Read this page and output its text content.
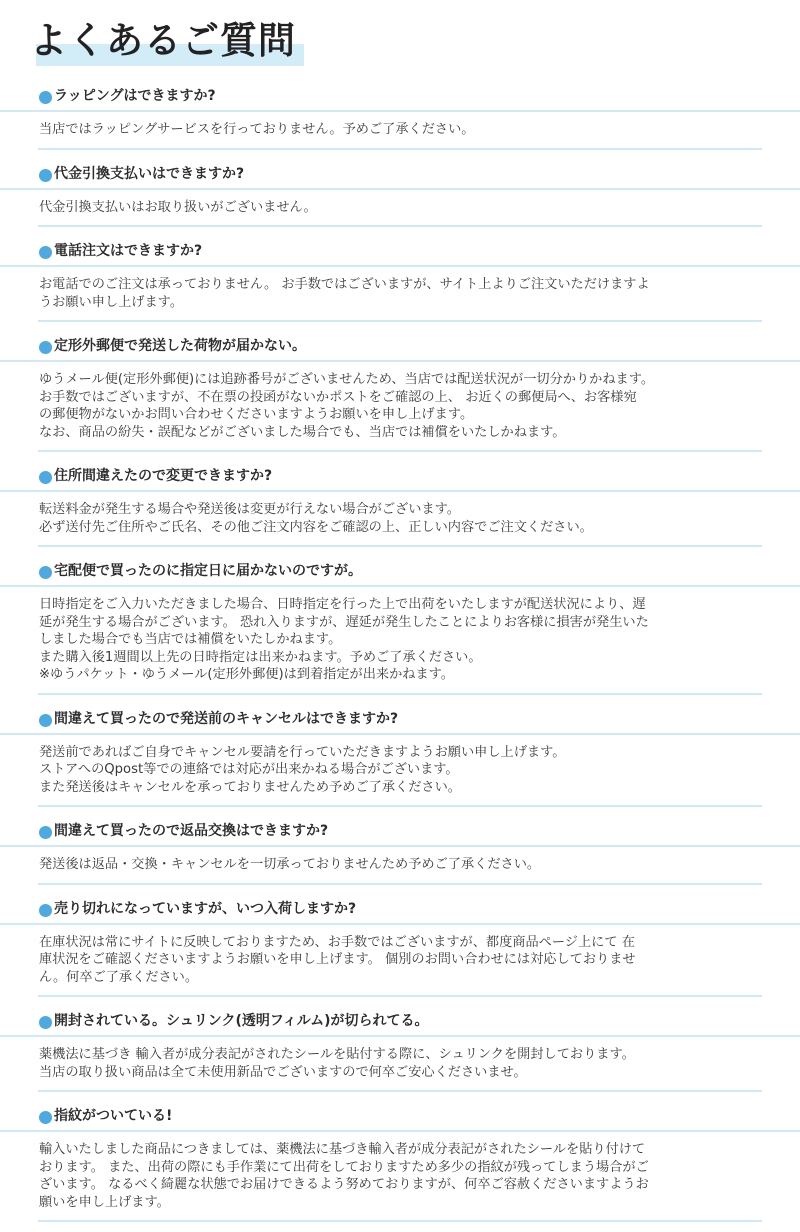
よくあるご質問
ラッピングはできますか?
当店ではラッピングサービスを行っておりません。予めご了承ください。
代金引換支払いはできますか?
代金引換支払いはお取り扱いがございません。
電話注文はできますか?
お電話でのご注文は承っておりません。 お手数ではございますが、サイト上よりご注文いただけますよ
うお願い申し上げます。
定形外郵便で発送した荷物が届かない。
ゆうメール便(定形外郵便)には追跡番号がございませんため、当店では配送状況が一切分かりかねます。
お手数ではございますが、不在票の投函がないかポストをご確認の上、 お近くの郵便局へ、お客様宛
の郵便物がないかお問い合わせくださいますようお願いを申し上げます。
なお、商品の紛失・誤配などがございました場合でも、当店では補償をいたしかねます。
住所間違えたので変更できますか?
転送料金が発生する場合や発送後は変更が行えない場合がございます。
必ず送付先ご住所やご氏名、その他ご注文内容をご確認の上、正しい内容でご注文ください。
宅配便で買ったのに指定日に届かないのですが。
日時指定をご入力いただきました場合、日時指定を行った上で出荷をいたしますが配送状況により、遅
延が発生する場合がございます。 恐れ入りますが、遅延が発生したことによりお客様に損害が発生いた
しました場合でも当店では補償をいたしかねます。
また購入後1週間以上先の日時指定は出来かねます。予めご了承ください。
※ゆうパケット・ゆうメール(定形外郵便)は到着指定が出来かねます。
間違えて買ったので発送前のキャンセルはできますか?
発送前であればご自身でキャンセル要請を行っていただきますようお願い申し上げます。
ストアへのQpost等での連絡では対応が出来かねる場合がございます。
また発送後はキャンセルを承っておりませんため予めご了承ください。
間違えて買ったので返品交換はできますか?
発送後は返品・交換・キャンセルを一切承っておりませんため予めご了承ください。
売り切れになっていますが、いつ入荷しますか?
在庫状況は常にサイトに反映しておりますため、お手数ではございますが、都度商品ページ上にて 在
庫状況をご確認くださいますようお願いを申し上げます。 個別のお問い合わせには対応しておりませ
ん。何卒ご了承ください。
開封されている。シュリンク(透明フィルム)が切られてる。
薬機法に基づき 輸入者が成分表記がされたシールを貼付する際に、シュリンクを開封しております。
当店の取り扱い商品は全て未使用新品でございますので何卒ご安心くださいませ。
指紋がついている!
輸入いたしました商品につきましては、薬機法に基づき輸入者が成分表記がされたシールを貼り付けて
おります。 また、出荷の際にも手作業にて出荷をしておりますため多少の指紋が残ってしまう場合がご
ざいます。 なるべく綺麗な状態でお届けできるよう努めておりますが、何卒ご容赦くださいますようお
願いを申し上げます。
